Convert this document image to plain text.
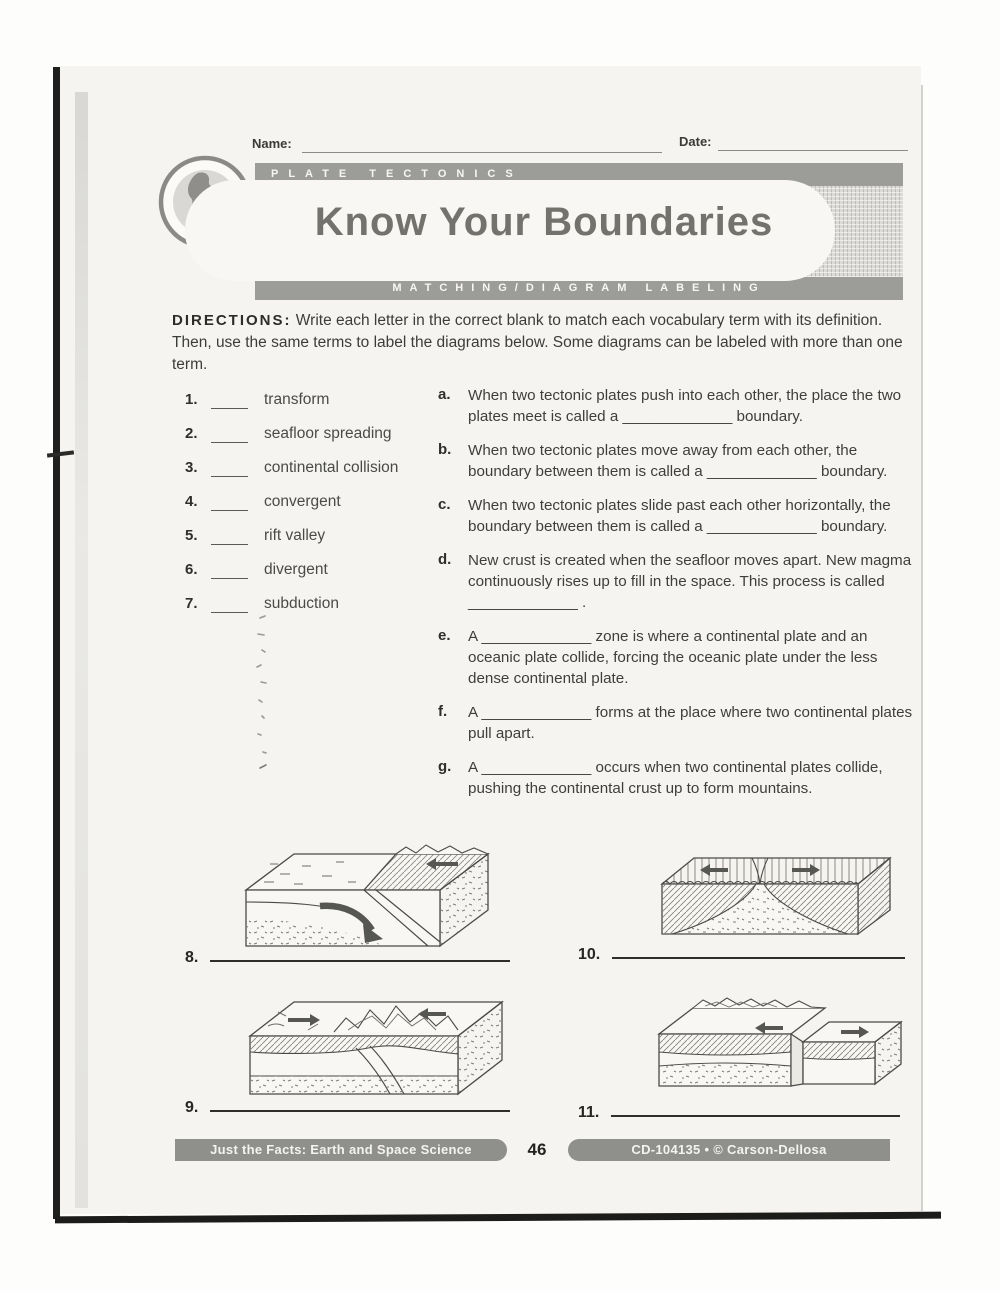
Name:	Date:
PLATE TECTONICS
Know Your Boundaries
MATCHING/DIAGRAM LABELING
DIRECTIONS: Write each letter in the correct blank to match each vocabulary term with its definition. Then, use the same terms to label the diagrams below. Some diagrams can be labeled with more than one term.
1.	transform
2.	seafloor spreading
3.	continental collision
4.	convergent
5.	rift valley
6.	divergent
7.	subduction
a.	When two tectonic plates push into each other, the place the two plates meet is called a _____________ boundary.
b.	When two tectonic plates move away from each other, the boundary between them is called a _____________ boundary.
c.	When two tectonic plates slide past each other horizontally, the boundary between them is called a _____________ boundary.
d.	New crust is created when the seafloor moves apart. New magma continuously rises up to fill in the space. This process is called _____________ .
e.	A _____________ zone is where a continental plate and an oceanic plate collide, forcing the oceanic plate under the less dense continental plate.
f.	A _____________ forms at the place where two continental plates pull apart.
g.	A _____________ occurs when two continental plates collide, pushing the continental crust up to form mountains.
8.	10.
9.	11.
Just the Facts: Earth and Space Science	46	CD-104135 • © Carson-Dellosa
